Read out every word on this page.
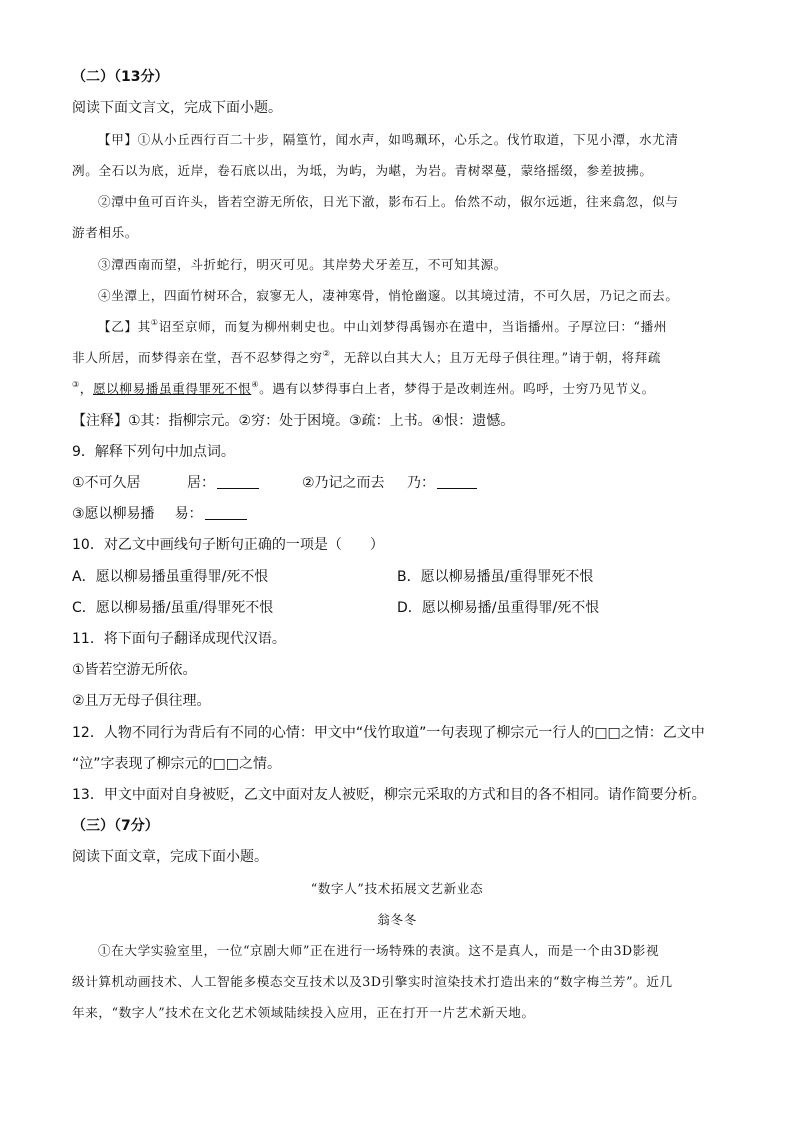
（二）（13分）
阅读下面文言文，完成下面小题。
【甲】①从小丘西行百二十步，隔篁竹，闻水声，如鸣珮环，心乐之。伐竹取道，下见小潭，水尤清
冽。全石以为底，近岸，卷石底以出，为坻，为屿，为嵁，为岩。青树翠蔓，蒙络摇缀，参差披拂。
②潭中鱼可百许头，皆若空游无所依，日光下澈，影布石上。佁然不动，俶尔远逝，往来翕忽，似与
游者相乐。
③潭西南而望，斗折蛇行，明灭可见。其岸势犬牙差互，不可知其源。
④坐潭上，四面竹树环合，寂寥无人，凄神寒骨，悄怆幽邃。以其境过清，不可久居，乃记之而去。
【乙】其①诏至京师，而复为柳州刺史也。中山刘梦得禹锡亦在遣中，当诣播州。子厚泣曰：“播州
非人所居，而梦得亲在堂，吾不忍梦得之穷②，无辞以白其大人；且万无母子俱往理。”请于朝，将拜疏
③，愿以柳易播虽重得罪死不恨④。遇有以梦得事白上者，梦得于是改刺连州。呜呼，士穷乃见节义。
【注释】①其：指柳宗元。②穷：处于困境。③疏：上书。④恨：遗憾。
9．解释下列句中加点词。
①不可久居	居：	②乃记之而去 乃：
③愿以柳易播 易：
10．对乙文中画线句子断句正确的一项是（　　）
A．愿以柳易播虽重得罪/死不恨	B．愿以柳易播虽/重得罪死不恨
C．愿以柳易播/虽重/得罪死不恨	D．愿以柳易播/虽重得罪/死不恨
11．将下面句子翻译成现代汉语。
①皆若空游无所依。
②且万无母子俱往理。
12．人物不同行为背后有不同的心情：甲文中“伐竹取道”一句表现了柳宗元一行人的□□之情：乙文中
“泣”字表现了柳宗元的□□之情。
13．甲文中面对自身被贬，乙文中面对友人被贬，柳宗元采取的方式和目的各不相同。请作简要分析。
（三）（7分）
阅读下面文章，完成下面小题。
“数字人”技术拓展文艺新业态
翁冬冬
①在大学实验室里，一位“京剧大师”正在进行一场特殊的表演。这不是真人，而是一个由3D影视
级计算机动画技术、人工智能多模态交互技术以及3D引擎实时渲染技术打造出来的“数字梅兰芳”。近几
年来，“数字人”技术在文化艺术领域陆续投入应用，正在打开一片艺术新天地。
